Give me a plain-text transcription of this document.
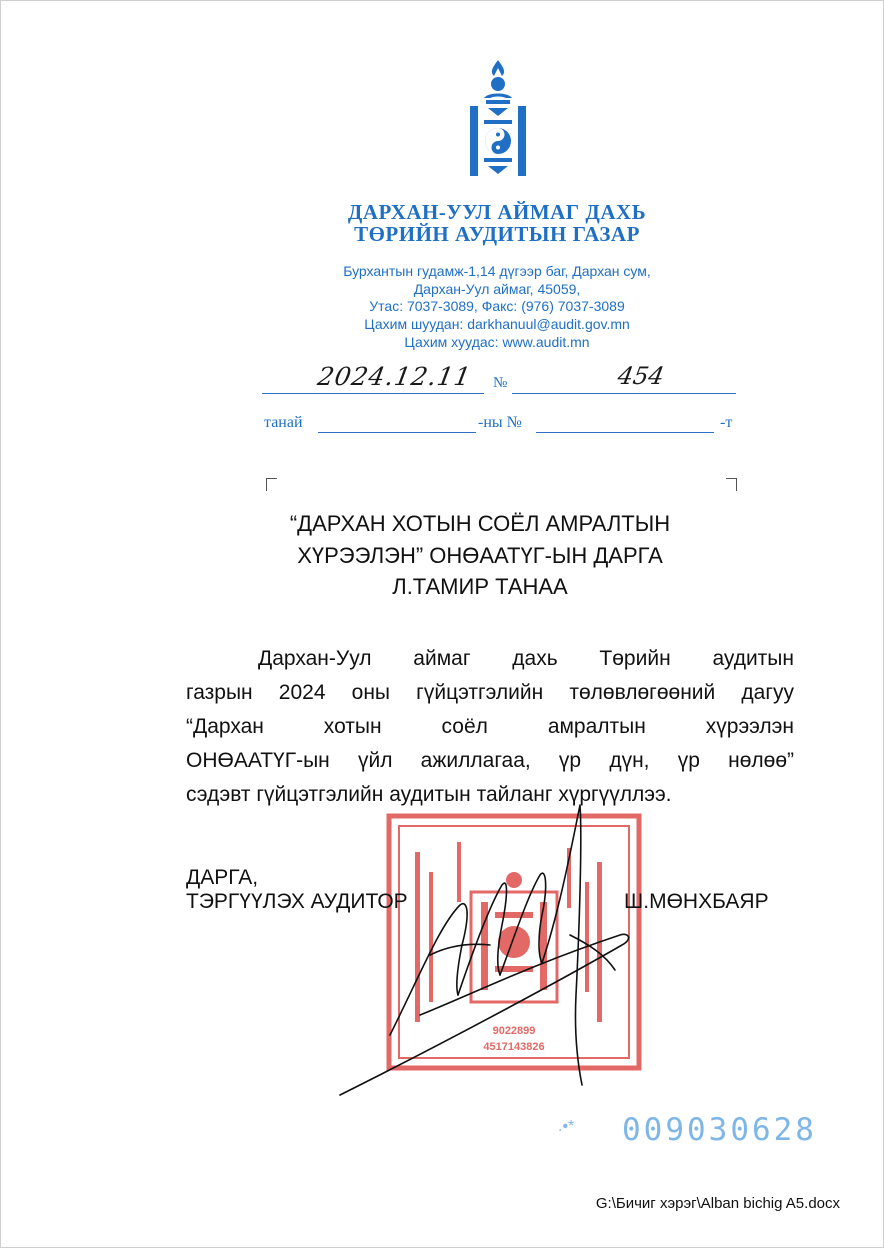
ДАРХАН-УУЛ АЙМАГ ДАХЬ
ТӨРИЙН АУДИТЫН ГАЗАР
Бурхантын гудамж-1,14 дүгээр баг, Дархан сум,
Дархан-Уул аймаг, 45059,
Утас: 7037-3089, Факс: (976) 7037-3089
Цахим шуудан: darkhanuul@audit.gov.mn
Цахим хуудас: www.audit.mn
2024.12.11 №	454
танай	-ны №	-т
“ДАРХАН ХОТЫН СОЁЛ АМРАЛТЫН
ХҮРЭЭЛЭН” ОНӨААТҮГ-ЫН ДАРГА
Л.ТАМИР ТАНАА
Дархан-Уул аймаг дахь Төрийн аудитын
газрын 2024 оны гүйцэтгэлийн төлөвлөгөөний дагуу
“Дархан хотын соёл амралтын хүрээлэн
ОНӨААТҮГ-ын үйл ажиллагаа, үр дүн, үр нөлөө”
сэдэвт гүйцэтгэлийн аудитын тайланг хүргүүллээ.
9022899
4517143826
ДАРГА,
ТЭРГҮҮЛЭХ АУДИТОР	Ш.МӨНХБАЯР
.•* 009030628
G:\Бичиг хэрэг\Alban bichig A5.docx
